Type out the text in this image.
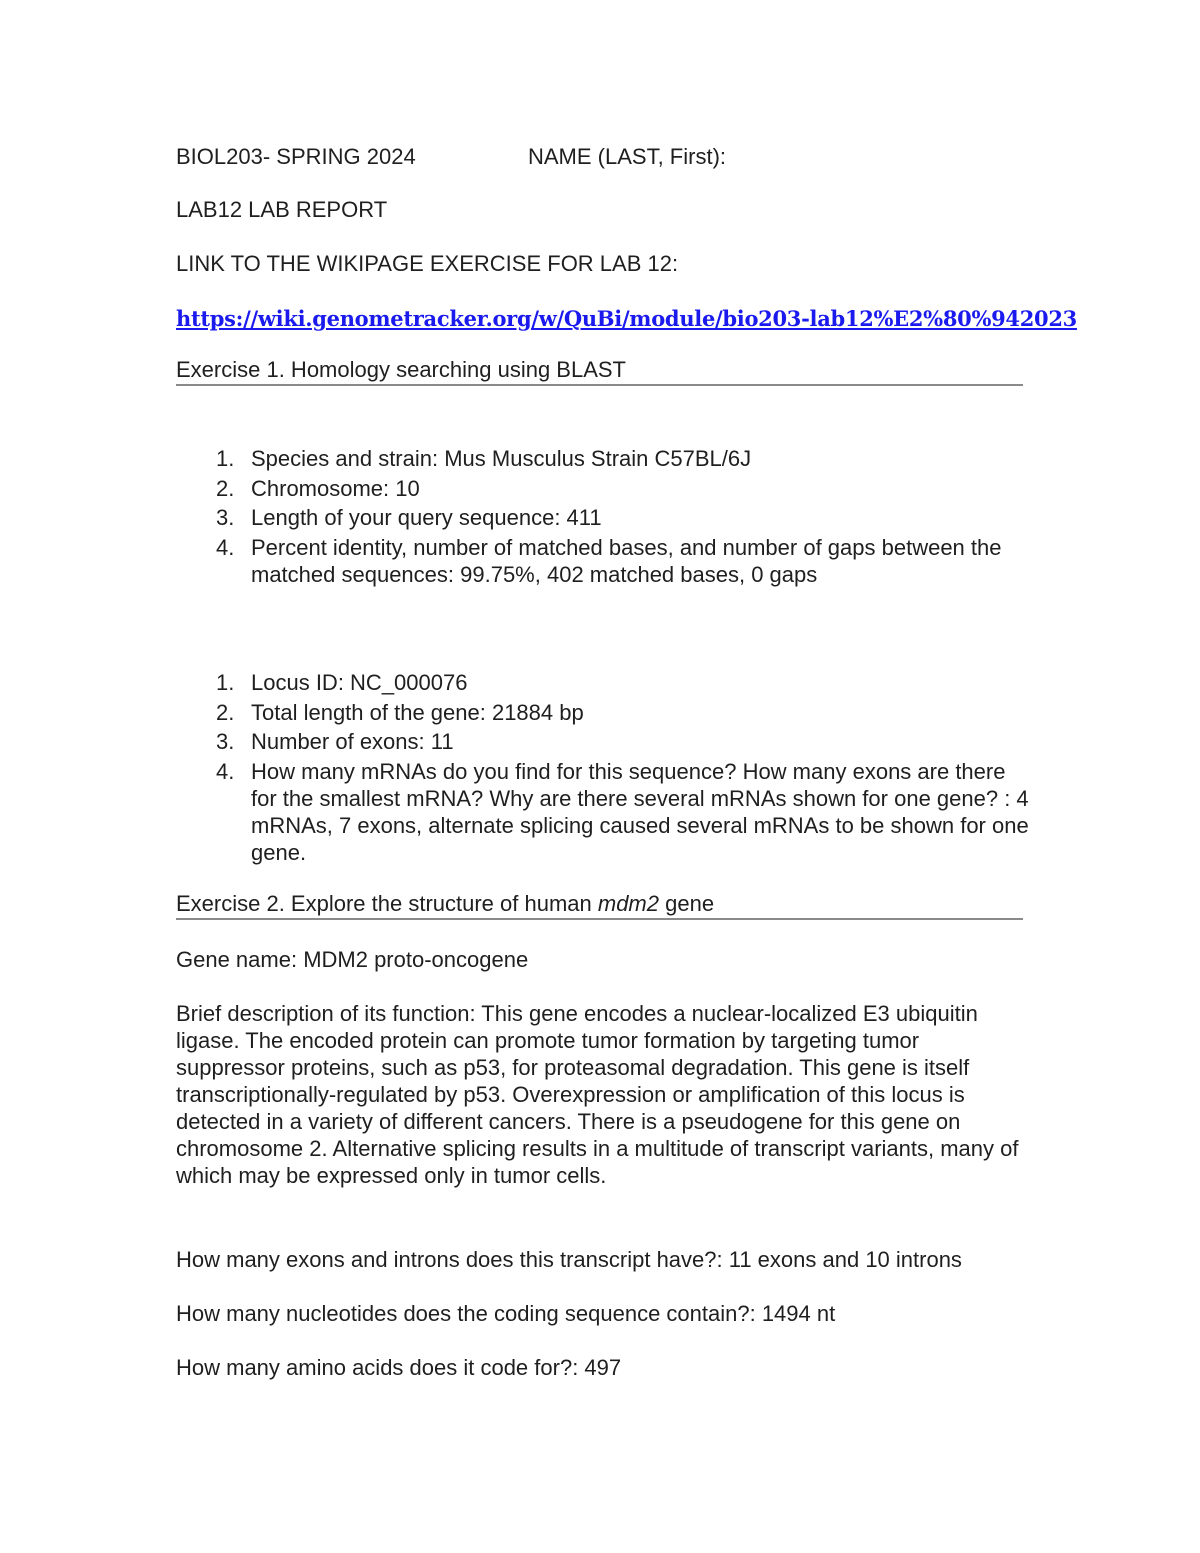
BIOL203- SPRING 2024	NAME (LAST, First):
LAB12 LAB REPORT
LINK TO THE WIKIPAGE EXERCISE FOR LAB 12:
https://wiki.genometracker.org/w/QuBi/module/bio203-lab12%E2%80%942023
Exercise 1. Homology searching using BLAST
1. Species and strain: Mus Musculus Strain C57BL/6J
2. Chromosome: 10
3. Length of your query sequence: 411
4. Percent identity, number of matched bases, and number of gaps between the matched sequences: 99.75%, 402 matched bases, 0 gaps
1. Locus ID: NC_000076
2. Total length of the gene: 21884 bp
3. Number of exons: 11
4. How many mRNAs do you find for this sequence? How many exons are there for the smallest mRNA? Why are there several mRNAs shown for one gene? : 4 mRNAs, 7 exons, alternate splicing caused several mRNAs to be shown for one gene.
Exercise 2. Explore the structure of human mdm2 gene
Gene name: MDM2 proto-oncogene
Brief description of its function: This gene encodes a nuclear-localized E3 ubiquitin ligase. The encoded protein can promote tumor formation by targeting tumor suppressor proteins, such as p53, for proteasomal degradation. This gene is itself transcriptionally-regulated by p53. Overexpression or amplification of this locus is detected in a variety of different cancers. There is a pseudogene for this gene on chromosome 2. Alternative splicing results in a multitude of transcript variants, many of which may be expressed only in tumor cells.
How many exons and introns does this transcript have?: 11 exons and 10 introns
How many nucleotides does the coding sequence contain?: 1494 nt
How many amino acids does it code for?: 497
